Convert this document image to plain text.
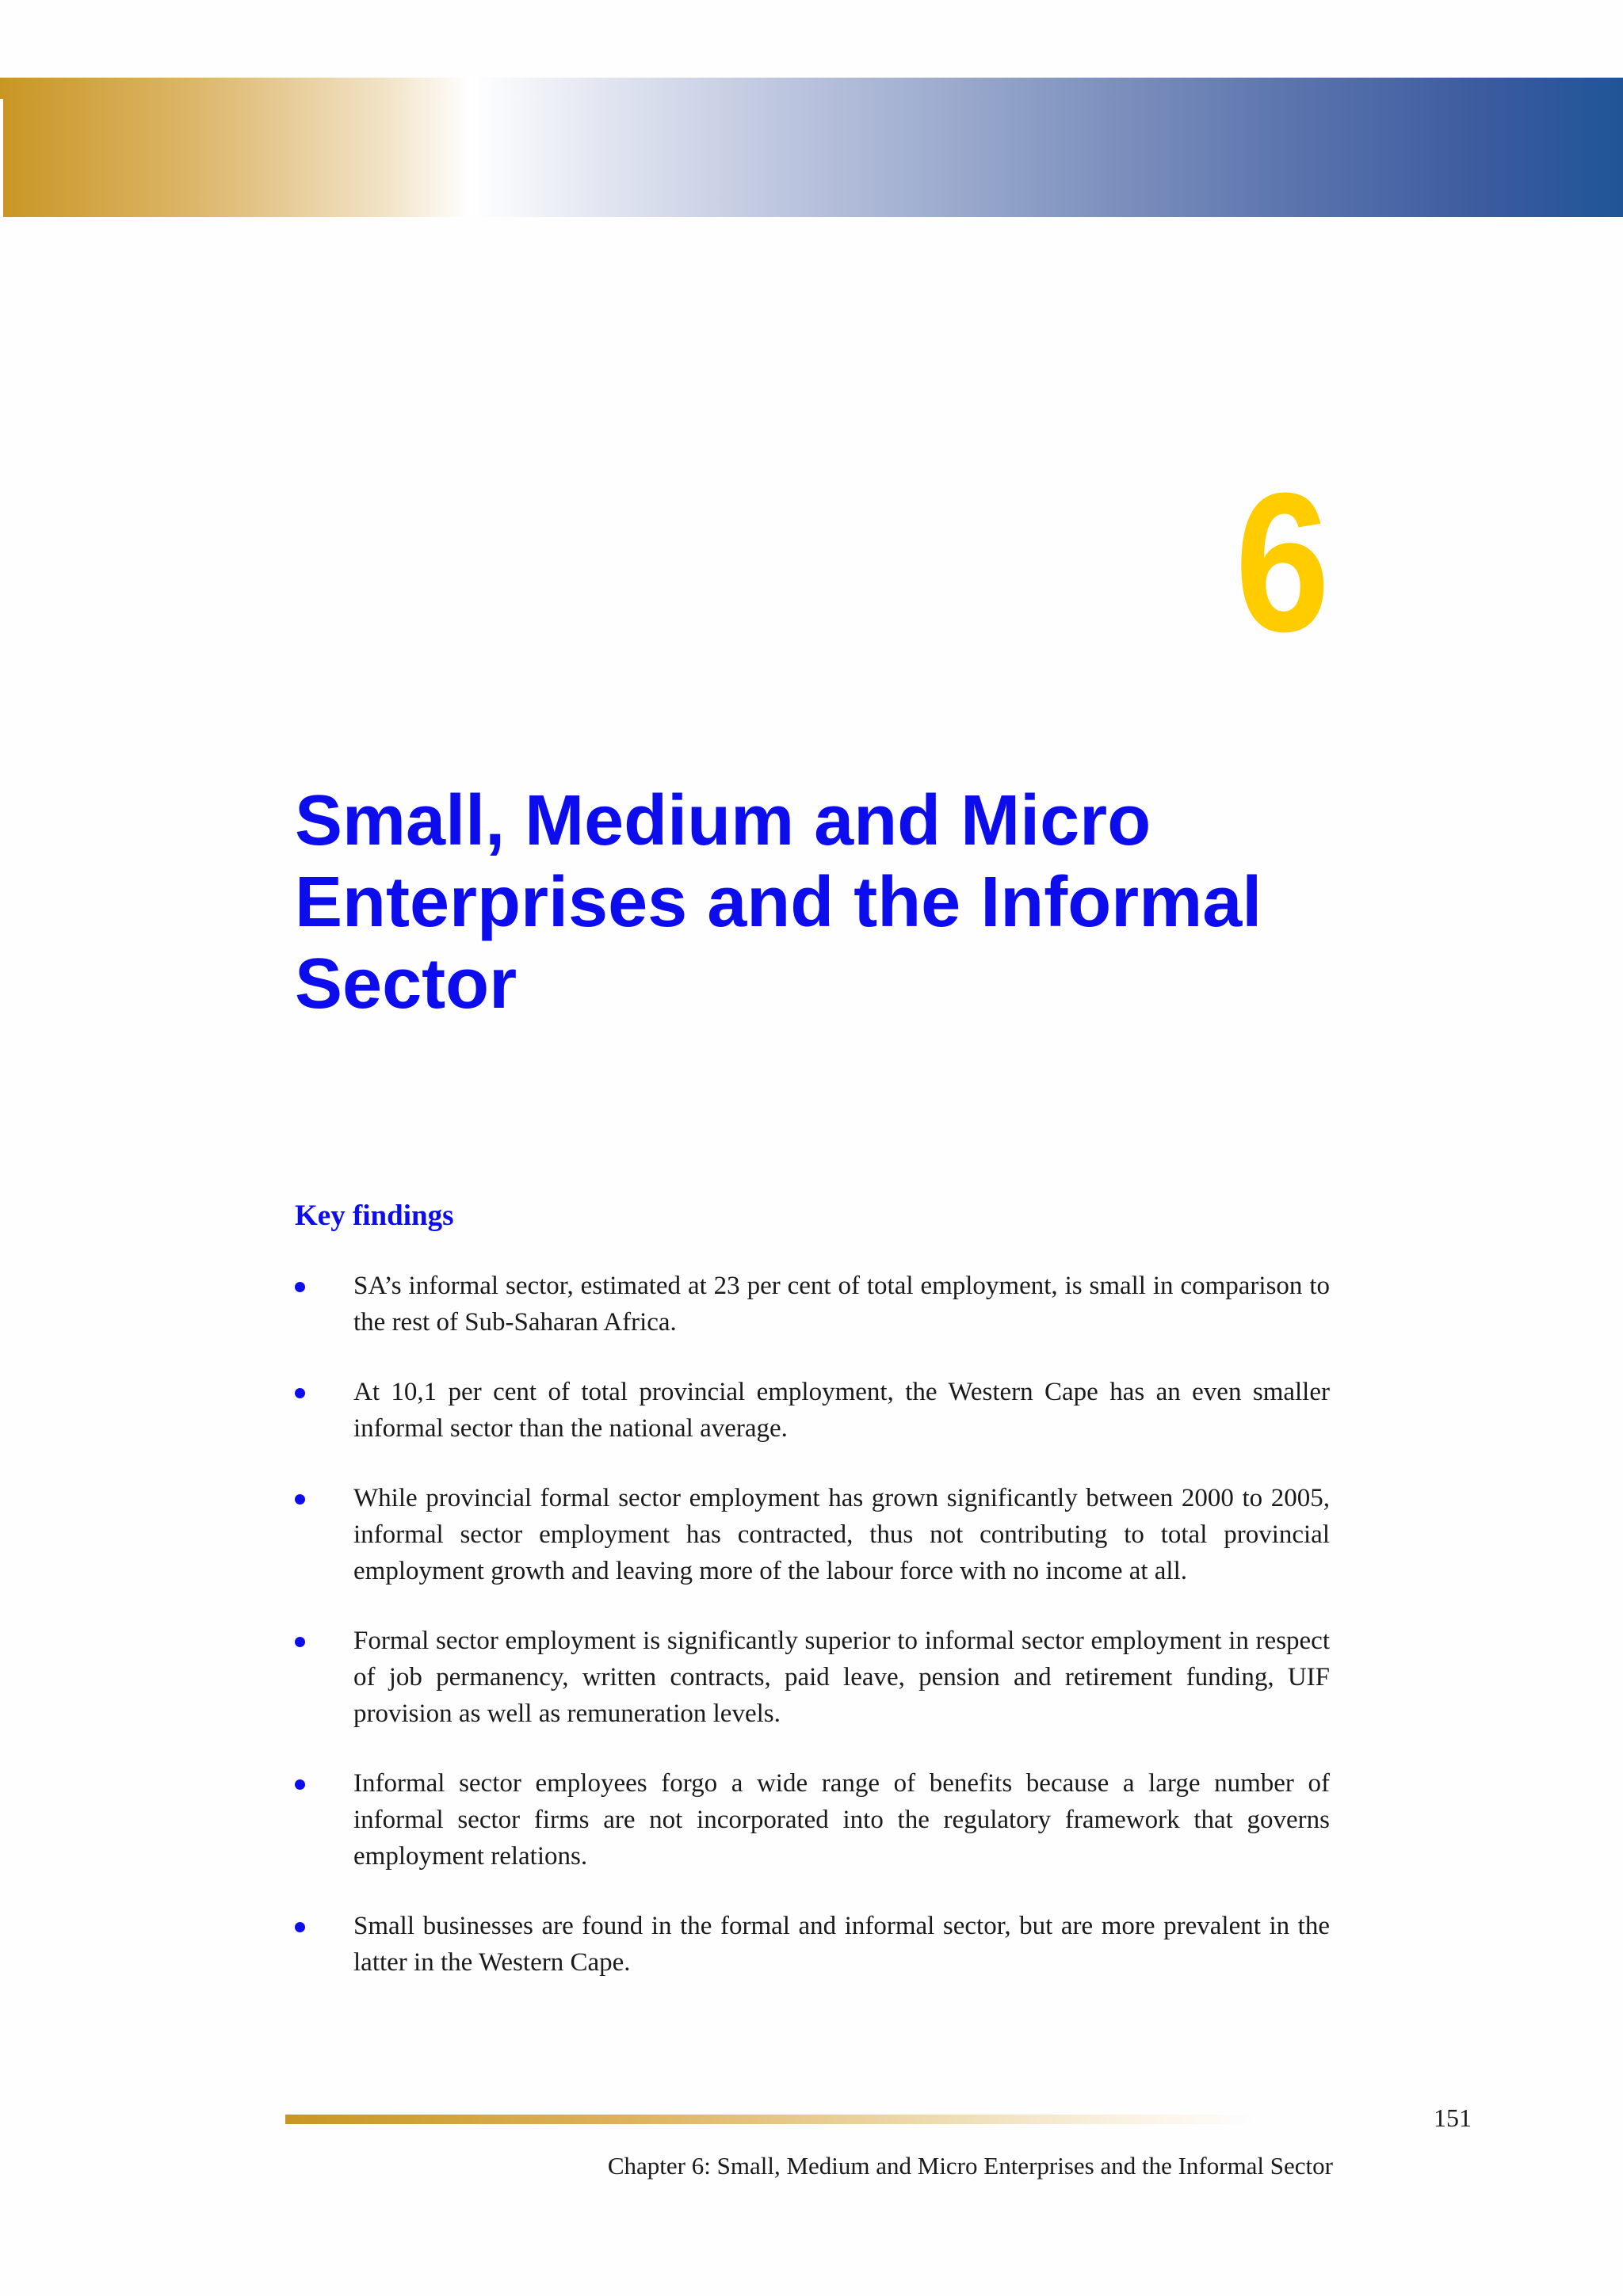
6
Small, Medium and Micro
Enterprises and the Informal
Sector
Key findings
SA’s informal sector, estimated at 23 per cent of total employment, is small in comparison to the rest of Sub-Saharan Africa.
At 10,1 per cent of total provincial employment, the Western Cape has an even smaller informal sector than the national average.
While provincial formal sector employment has grown significantly between 2000 to 2005, informal sector employment has contracted, thus not contributing to total provincial employment growth and leaving more of the labour force with no income at all.
Formal sector employment is significantly superior to informal sector employment in respect of job permanency, written contracts, paid leave, pension and retirement funding, UIF provision as well as remuneration levels.
Informal sector employees forgo a wide range of benefits because a large number of informal sector firms are not incorporated into the regulatory framework that governs employment relations.
Small businesses are found in the formal and informal sector, but are more prevalent in the latter in the Western Cape.
151
Chapter 6: Small, Medium and Micro Enterprises and the Informal Sector
